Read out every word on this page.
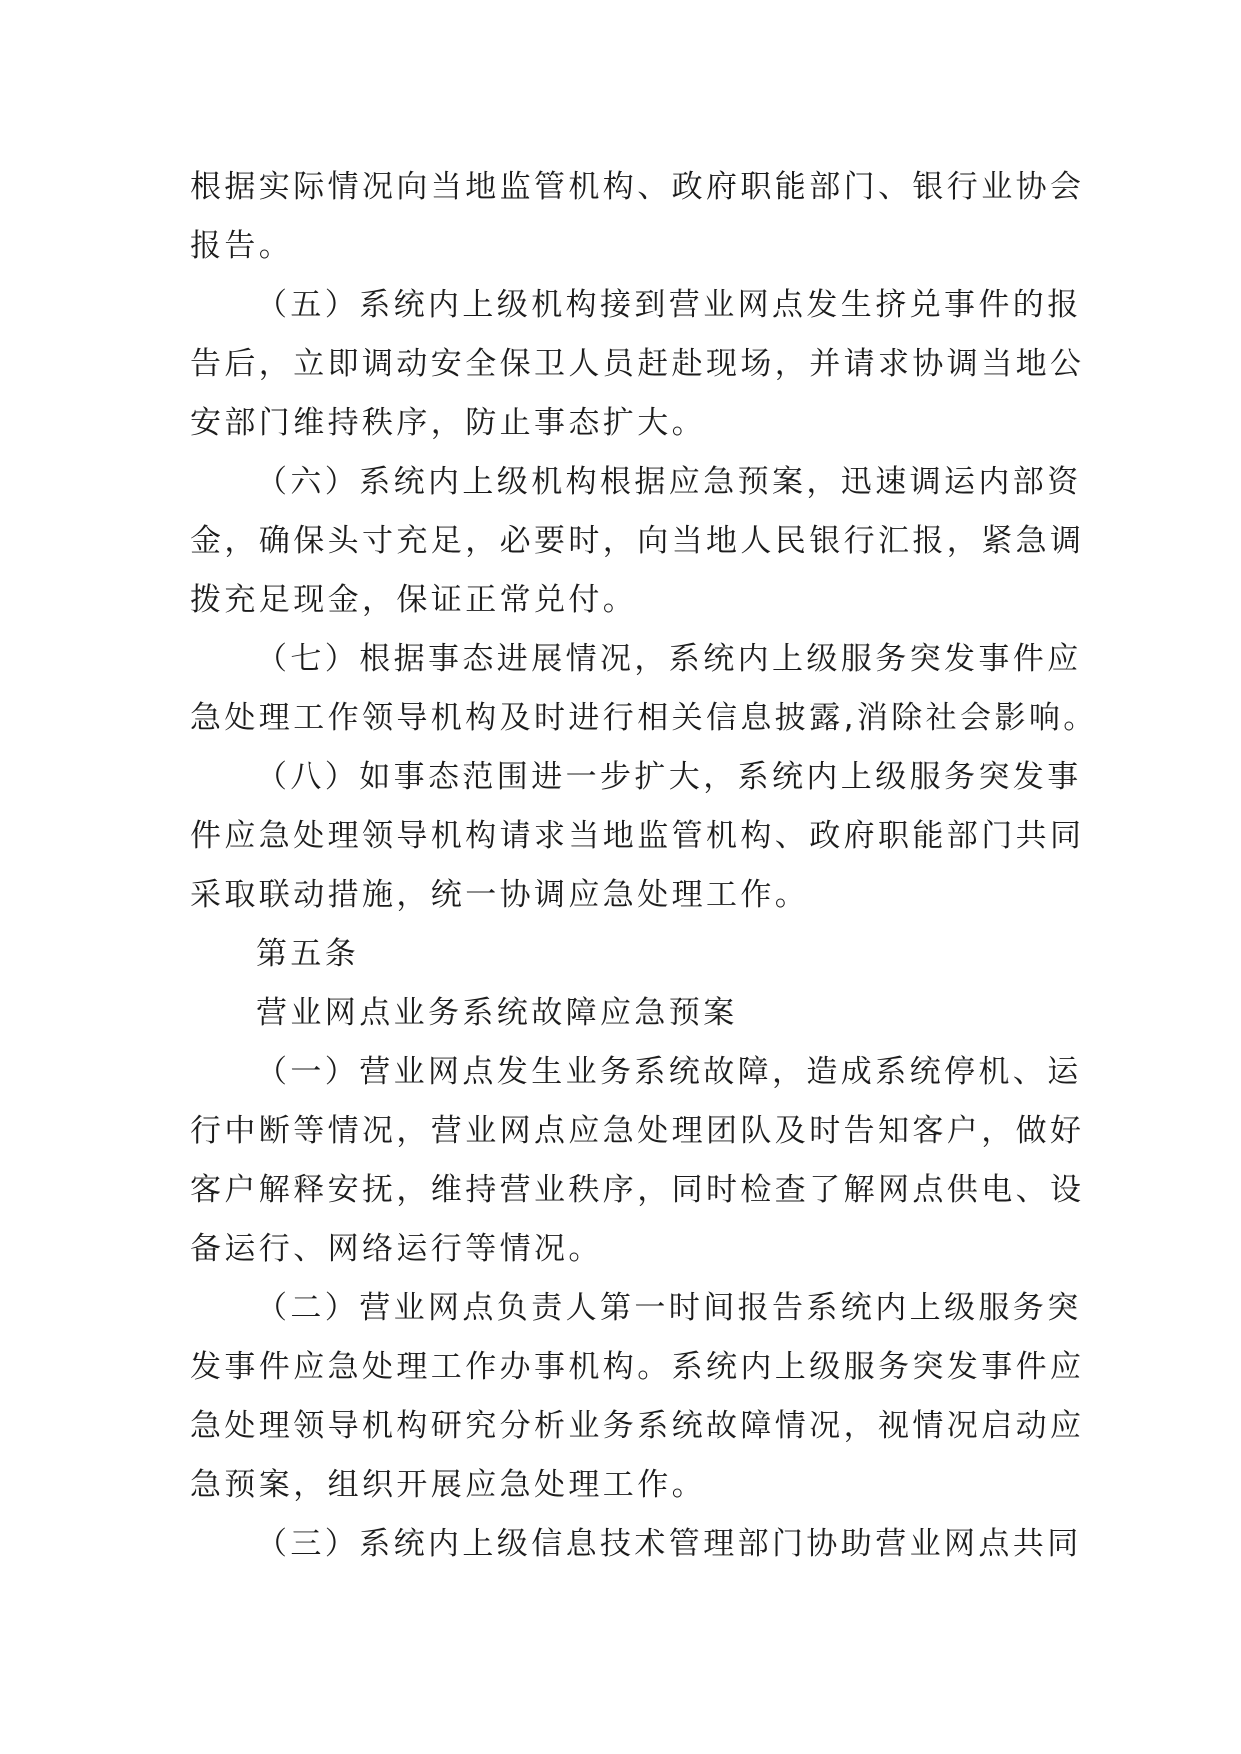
根据实际情况向当地监管机构、政府职能部门、银行业协会
报告。
（五）系统内上级机构接到营业网点发生挤兑事件的报
告后，立即调动安全保卫人员赶赴现场，并请求协调当地公
安部门维持秩序，防止事态扩大。
（六）系统内上级机构根据应急预案，迅速调运内部资
金，确保头寸充足，必要时，向当地人民银行汇报，紧急调
拨充足现金，保证正常兑付。
（七）根据事态进展情况，系统内上级服务突发事件应
急处理工作领导机构及时进行相关信息披露,消除社会影响。
（八）如事态范围进一步扩大，系统内上级服务突发事
件应急处理领导机构请求当地监管机构、政府职能部门共同
采取联动措施，统一协调应急处理工作。
第五条
营业网点业务系统故障应急预案
（一）营业网点发生业务系统故障，造成系统停机、运
行中断等情况，营业网点应急处理团队及时告知客户，做好
客户解释安抚，维持营业秩序，同时检查了解网点供电、设
备运行、网络运行等情况。
（二）营业网点负责人第一时间报告系统内上级服务突
发事件应急处理工作办事机构。系统内上级服务突发事件应
急处理领导机构研究分析业务系统故障情况，视情况启动应
急预案，组织开展应急处理工作。
（三）系统内上级信息技术管理部门协助营业网点共同
